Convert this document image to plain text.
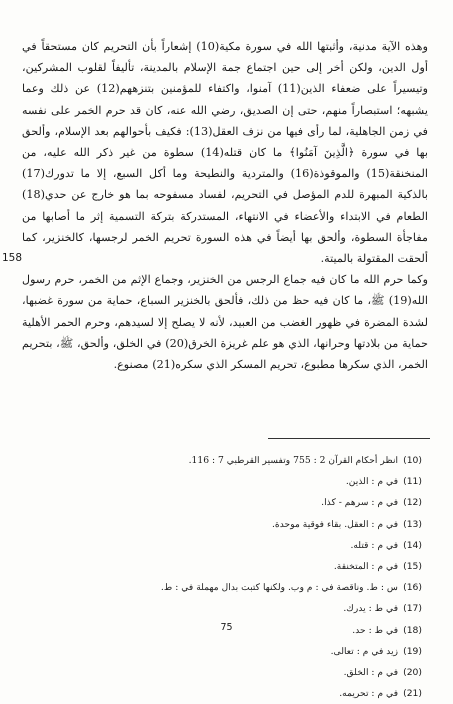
وهذه الآية مدنية، وأثبتها الله في سورة مكية(10) إشعاراً بأن التحريم كان مستحقاً في أول الدين، ولكن أخر إلى حين اجتماع جمة الإسلام بالمدينة، تأليفاً لقلوب المشركين، وتيسيراً على ضعفاء الذين(11) آمنوا، واكتفاء للمؤمنين بتنزههم(12) عن ذلك وعما يشبهه؛ استبصاراً منهم، حتى إن الصديق، رضي الله عنه، كان قد حرم الخمر على نفسه في زمن الجاهلية، لما رأى فيها من نزف العقل(13): فكيف بأحوالهم بعد الإسلام، وألحق بها في سورة ﴿الَّذِينَ آمَنُوا﴾ ما كان قتله(14) سطوة من غير ذكر الله عليه، من المنخنقة(15) والموقوذة(16) والمتردية والنطيحة وما أكل السبع، إلا ما تدورك(17) بالذكية المبهرة للدم المؤصل في التحريم، لفساد مسفوحه بما هو خارج عن حدي(18) الطعام في الابتداء والأعضاء في الانتهاء، المستدركة بتركة التسمية إثر ما أصابها من مفاجأة السطوة، وألحق بها أيضاً في هذه السورة تحريم الخمر لرجسها، كالخنزير، كما ألحقت المقتولة بالميتة.

وكما حرم الله ما كان فيه جماع الرجس من الخنزير، وجماع الإثم من الخمر، حرم رسول الله(19) ﷺ، ما كان فيه حظ من ذلك، فألحق بالخنزير السباع، حماية من سورة غضبها، لشدة المضرة في ظهور الغضب من العبيد، لأنه لا يصلح إلا لسيدهم، وحرم الحمر الأهلية حماية من بلادتها وحرانها، الذي هو علم غريزة الخرق(20) في الخلق، وألحق، ﷺ، بتحريم الخمر، الذي سكرها مطبوع، تحريم المسكر الذي سكره(21) مصنوع.

158
(10)انظر أحكام القرآن 2 : 755 وتفسير القرطبي 7 : 116.
(11)في م : الذين.
(12)في م : سرهم - كذا.
(13)في م : العقل. بقاء فوقية موحدة.
(14)في م : قتله.
(15)في م : المتخنقة.
(16)س : ط. وناقصة في : م وب. ولكنها كتبت بدال مهملة في : ط.
(17)في ط : يدرك.
(18)في ط : حد.
(19)زيد في م : تعالى.
(20)في م : الخلق.
(21)في م : تحريمه.
75
